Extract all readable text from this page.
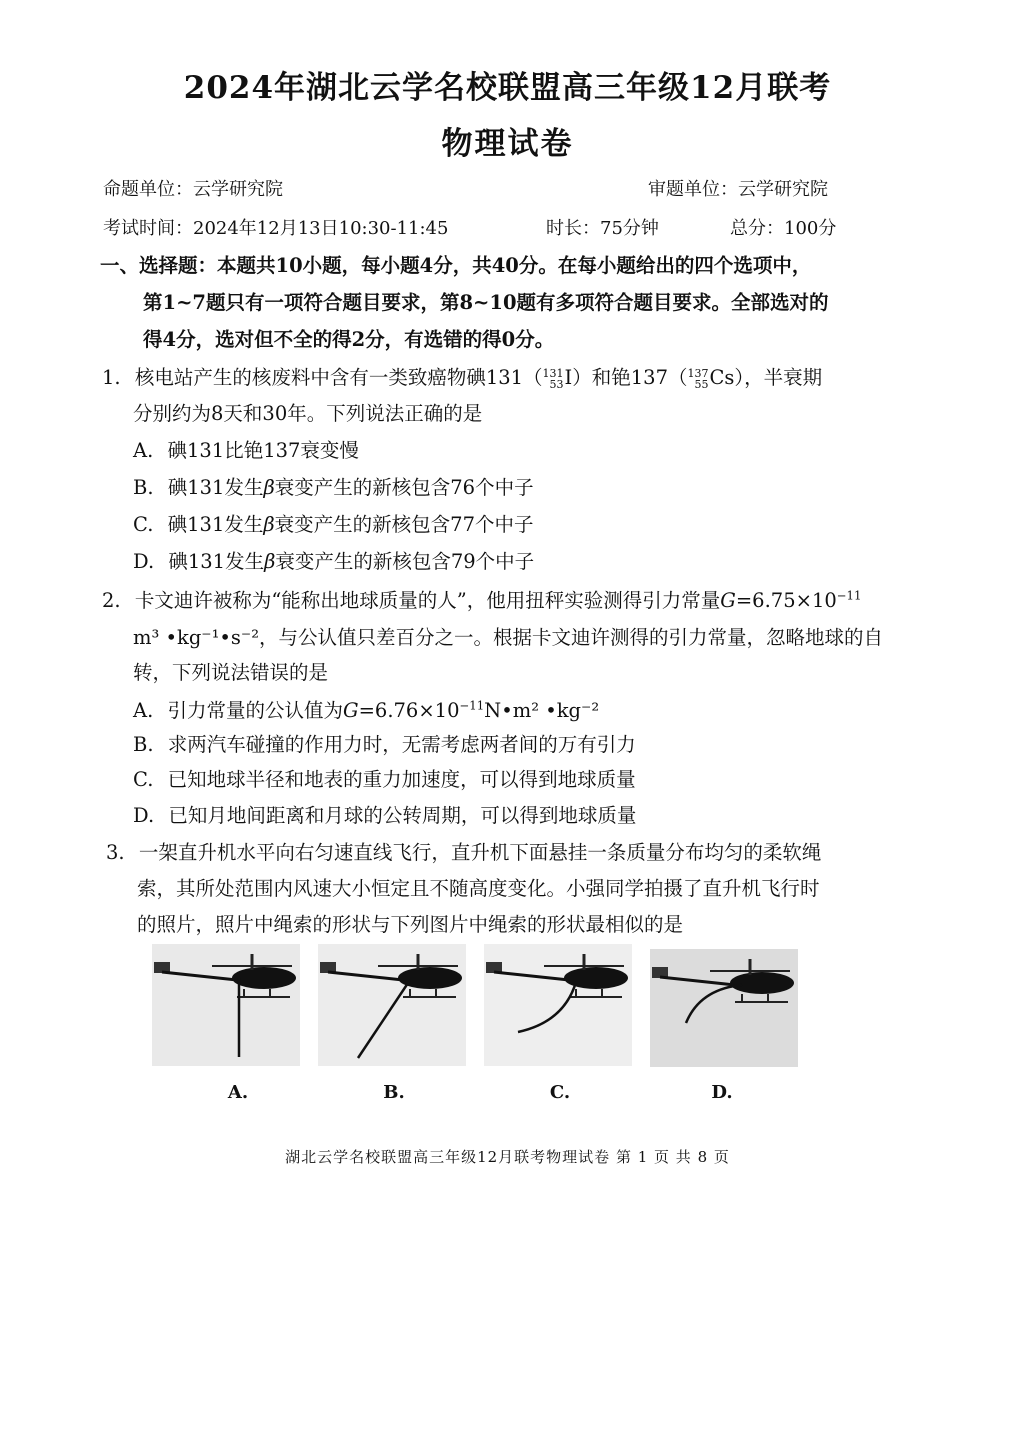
2024年湖北云学名校联盟高三年级12月联考
物理试卷
命题单位：云学研究院	审题单位：云学研究院
考试时间：2024年12月13日10:30-11:45	时长：75分钟	总分：100分
一、选择题：本题共10小题，每小题4分，共40分。在每小题给出的四个选项中，
第1~7题只有一项符合题目要求，第8~10题有多项符合题目要求。全部选对的
得4分，选对但不全的得2分，有选错的得0分。
1. 核电站产生的核废料中含有一类致癌物碘131（ 131
53 I）和铯137（ 137
55 Cs），半衰期
分别约为8天和30年。下列说法正确的是
A. 碘131比铯137衰变慢
B. 碘131发生β衰变产生的新核包含76个中子
C. 碘131发生β衰变产生的新核包含77个中子
D. 碘131发生β衰变产生的新核包含79个中子
2. 卡文迪许被称为“能称出地球质量的人”，他用扭秤实验测得引力常量$G=6.75\times 10^{-11}$
m³ •kg⁻¹•s⁻²，与公认值只差百分之一。根据卡文迪许测得的引力常量，忽略地球的自
转，下列说法错误的是
A. 引力常量的公认值为$G=6.76\times 10^{-11}N•m^2$ •kg⁻²
B. 求两汽车碰撞的作用力时，无需考虑两者间的万有引力
C. 已知地球半径和地表的重力加速度，可以得到地球质量
D. 已知月地间距离和月球的公转周期，可以得到地球质量
3. 一架直升机水平向右匀速直线飞行，直升机下面悬挂一条质量分布均匀的柔软绳
索，其所处范围内风速大小恒定且不随高度变化。小强同学拍摄了直升机飞行时
的照片，照片中绳索的形状与下列图片中绳索的形状最相似的是
A.	B.	C.	D.
湖北云学名校联盟高三年级12月联考物理试卷 第 1 页 共 8 页
